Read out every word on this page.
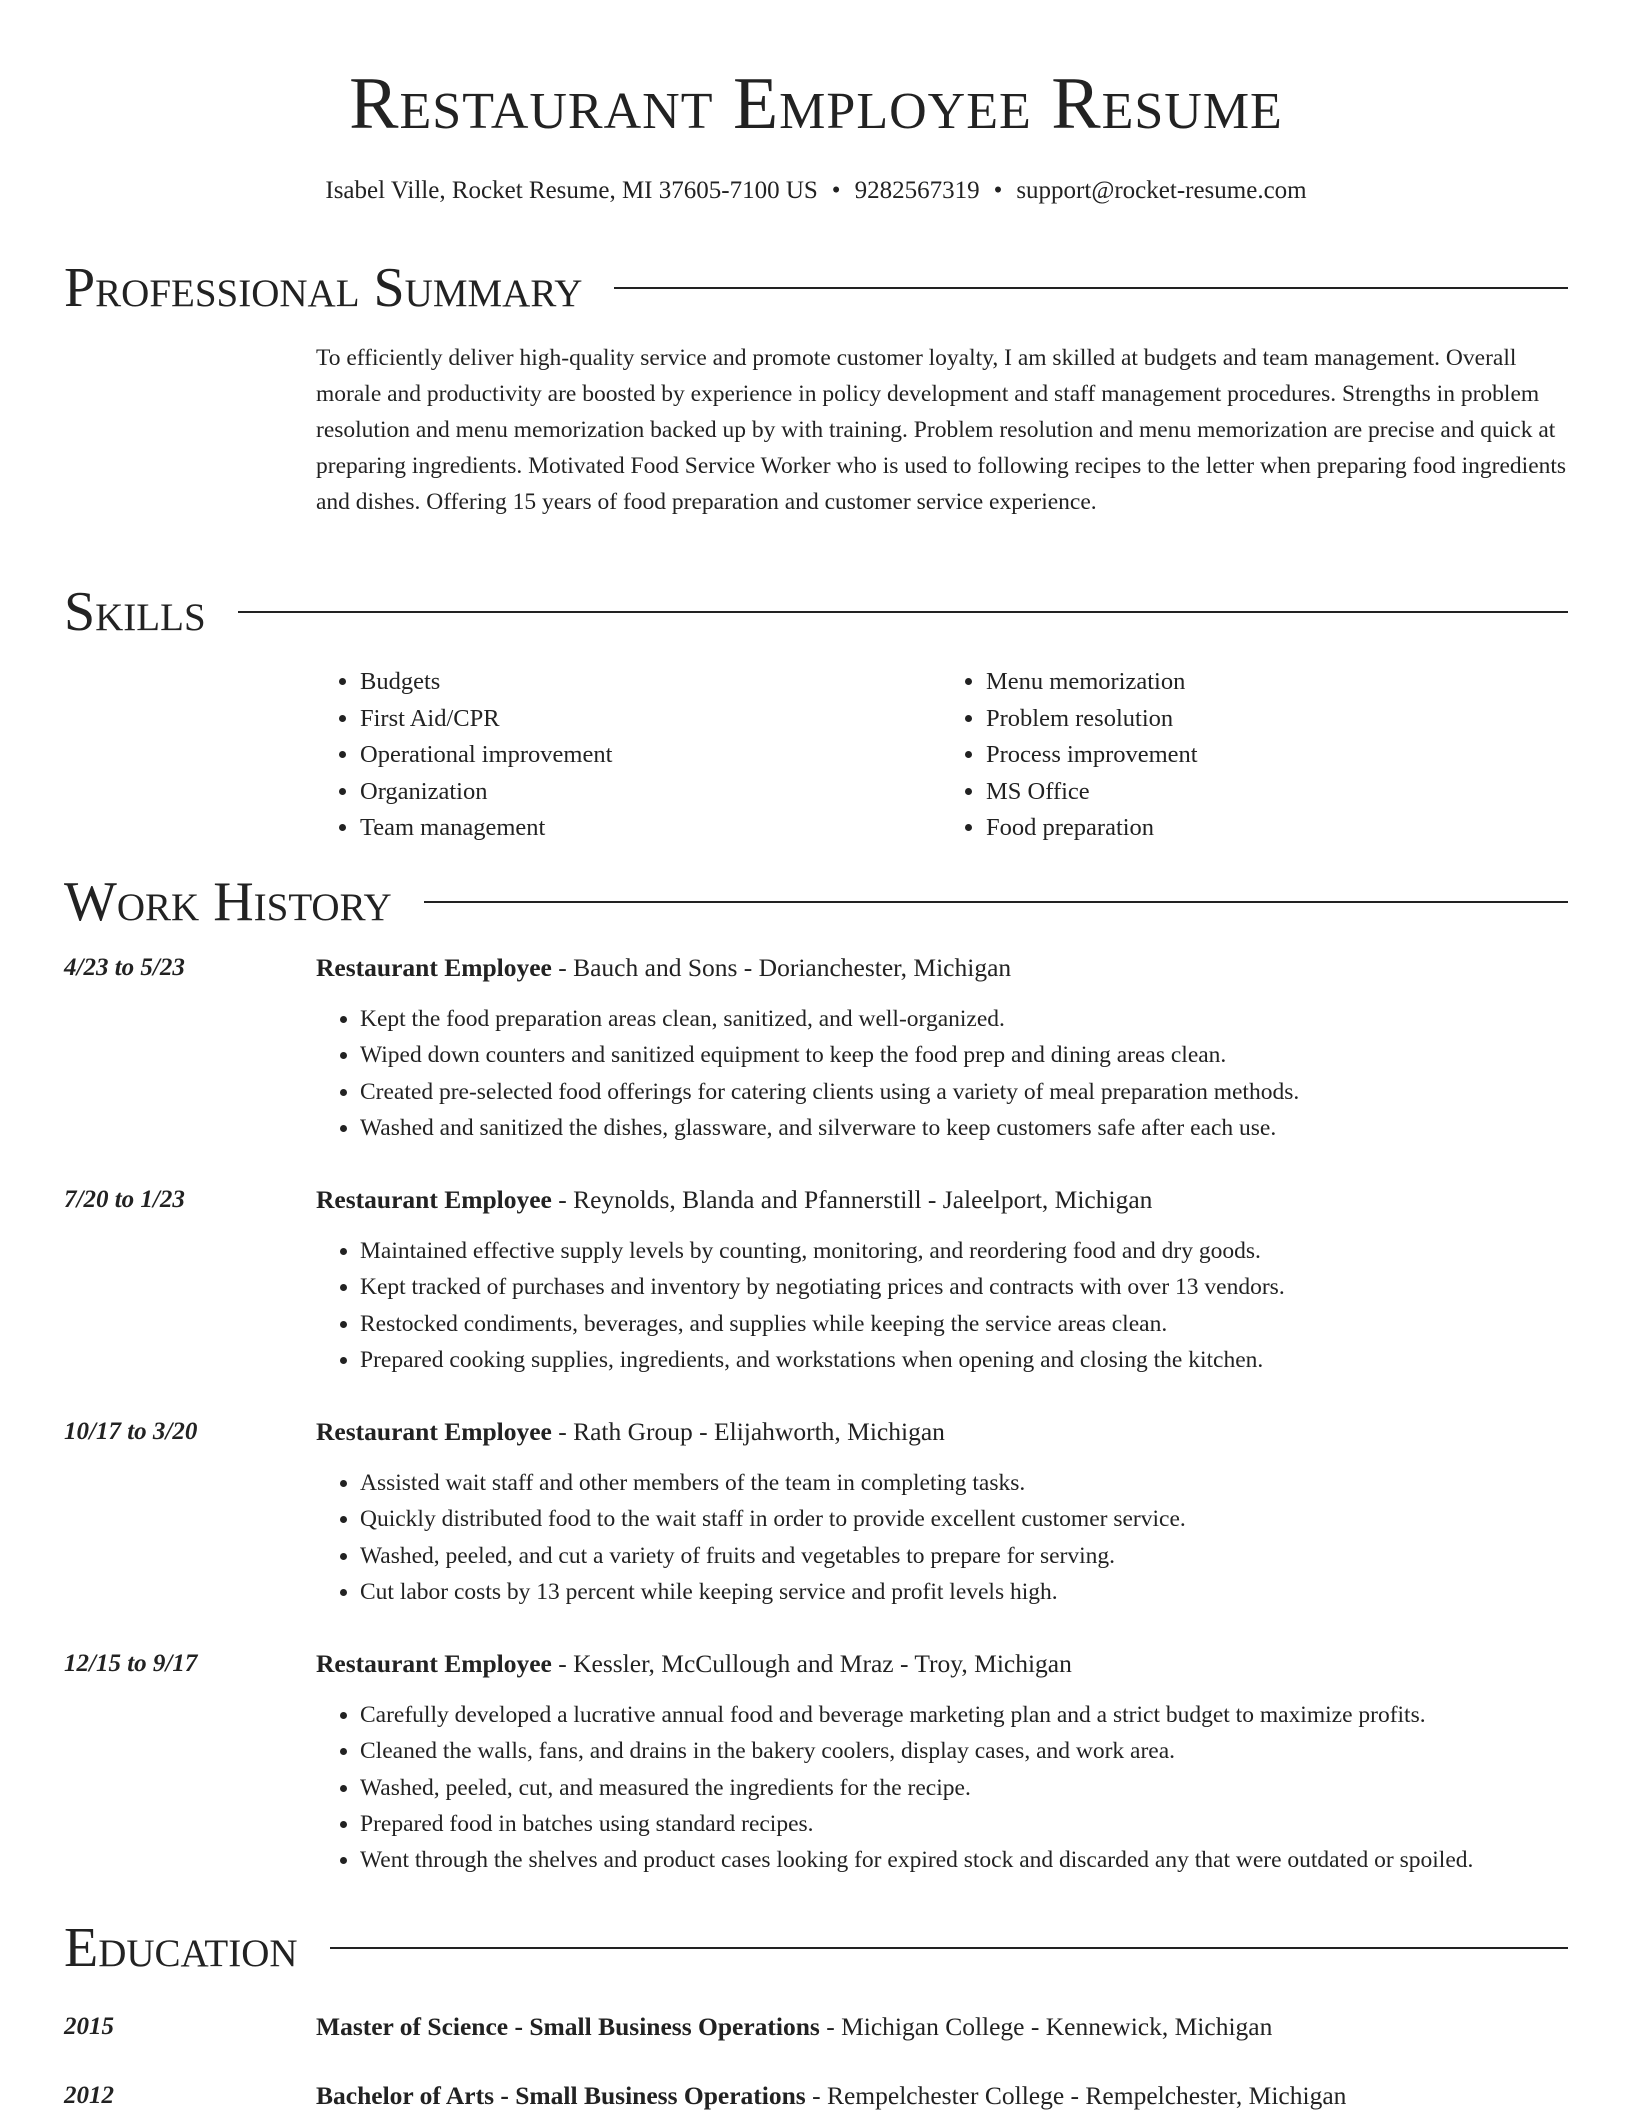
Restaurant Employee Resume
Isabel Ville, Rocket Resume, MI 37605-7100 US • 9282567319 • support@rocket-resume.com
Professional Summary
To efficiently deliver high-quality service and promote customer loyalty, I am skilled at budgets and team management. Overall morale and productivity are boosted by experience in policy development and staff management procedures. Strengths in problem resolution and menu memorization backed up by with training. Problem resolution and menu memorization are precise and quick at preparing ingredients. Motivated Food Service Worker who is used to following recipes to the letter when preparing food ingredients and dishes. Offering 15 years of food preparation and customer service experience.
Skills
• Budgets
• First Aid/CPR
• Operational improvement
• Organization
• Team management
• Menu memorization
• Problem resolution
• Process improvement
• MS Office
• Food preparation
Work History
4/23 to 5/23	Restaurant Employee - Bauch and Sons - Dorianchester, Michigan
• Kept the food preparation areas clean, sanitized, and well-organized.
• Wiped down counters and sanitized equipment to keep the food prep and dining areas clean.
• Created pre-selected food offerings for catering clients using a variety of meal preparation methods.
• Washed and sanitized the dishes, glassware, and silverware to keep customers safe after each use.
7/20 to 1/23	Restaurant Employee - Reynolds, Blanda and Pfannerstill - Jaleelport, Michigan
• Maintained effective supply levels by counting, monitoring, and reordering food and dry goods.
• Kept tracked of purchases and inventory by negotiating prices and contracts with over 13 vendors.
• Restocked condiments, beverages, and supplies while keeping the service areas clean.
• Prepared cooking supplies, ingredients, and workstations when opening and closing the kitchen.
10/17 to 3/20	Restaurant Employee - Rath Group - Elijahworth, Michigan
• Assisted wait staff and other members of the team in completing tasks.
• Quickly distributed food to the wait staff in order to provide excellent customer service.
• Washed, peeled, and cut a variety of fruits and vegetables to prepare for serving.
• Cut labor costs by 13 percent while keeping service and profit levels high.
12/15 to 9/17	Restaurant Employee - Kessler, McCullough and Mraz - Troy, Michigan
• Carefully developed a lucrative annual food and beverage marketing plan and a strict budget to maximize profits.
• Cleaned the walls, fans, and drains in the bakery coolers, display cases, and work area.
• Washed, peeled, cut, and measured the ingredients for the recipe.
• Prepared food in batches using standard recipes.
• Went through the shelves and product cases looking for expired stock and discarded any that were outdated or spoiled.
Education
2015	Master of Science - Small Business Operations - Michigan College - Kennewick, Michigan
2012	Bachelor of Arts - Small Business Operations - Rempelchester College - Rempelchester, Michigan
